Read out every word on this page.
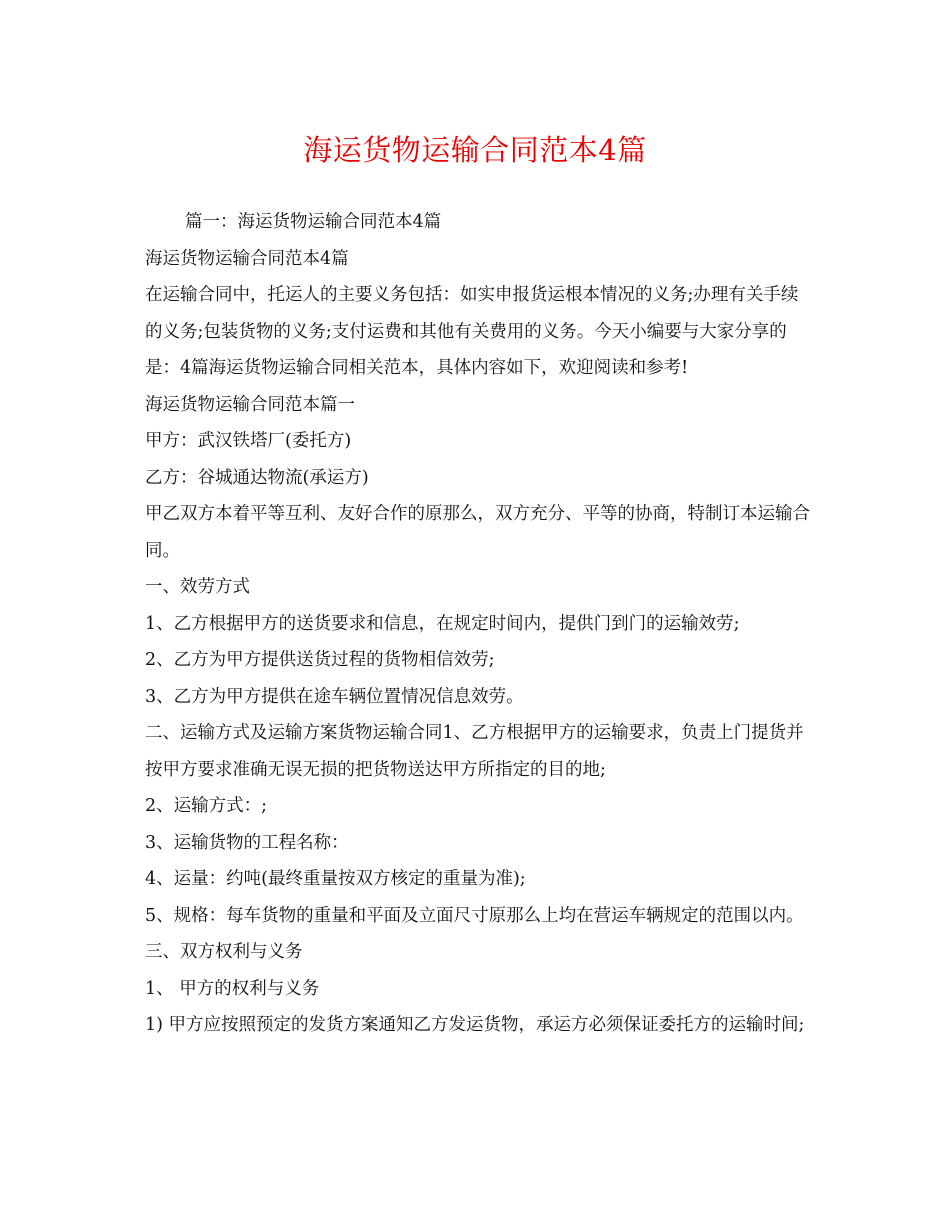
海运货物运输合同范本4篇

篇一：海运货物运输合同范本4篇

海运货物运输合同范本4篇

在运输合同中，托运人的主要义务包括：如实申报货运根本情况的义务;办理有关手续的义务;包装货物的义务;支付运费和其他有关费用的义务。今天小编要与大家分享的是：4篇海运货物运输合同相关范本，具体内容如下，欢迎阅读和参考!

海运货物运输合同范本篇一

甲方：武汉铁塔厂(委托方)

乙方：谷城通达物流(承运方)

甲乙双方本着平等互利、友好合作的原那么，双方充分、平等的协商，特制订本运输合同。

一、效劳方式

1、乙方根据甲方的送货要求和信息，在规定时间内，提供门到门的运输效劳;

2、乙方为甲方提供送货过程的货物相信效劳;

3、乙方为甲方提供在途车辆位置情况信息效劳。

二、运输方式及运输方案货物运输合同1、乙方根据甲方的运输要求，负责上门提货并按甲方要求准确无误无损的把货物送达甲方所指定的目的地;

2、运输方式：;

3、运输货物的工程名称：

4、运量：约吨(最终重量按双方核定的重量为准);

5、规格：每车货物的重量和平面及立面尺寸原那么上均在营运车辆规定的范围以内。

三、双方权利与义务

1、 甲方的权利与义务

1) 甲方应按照预定的发货方案通知乙方发运货物，承运方必须保证委托方的运输时间;
